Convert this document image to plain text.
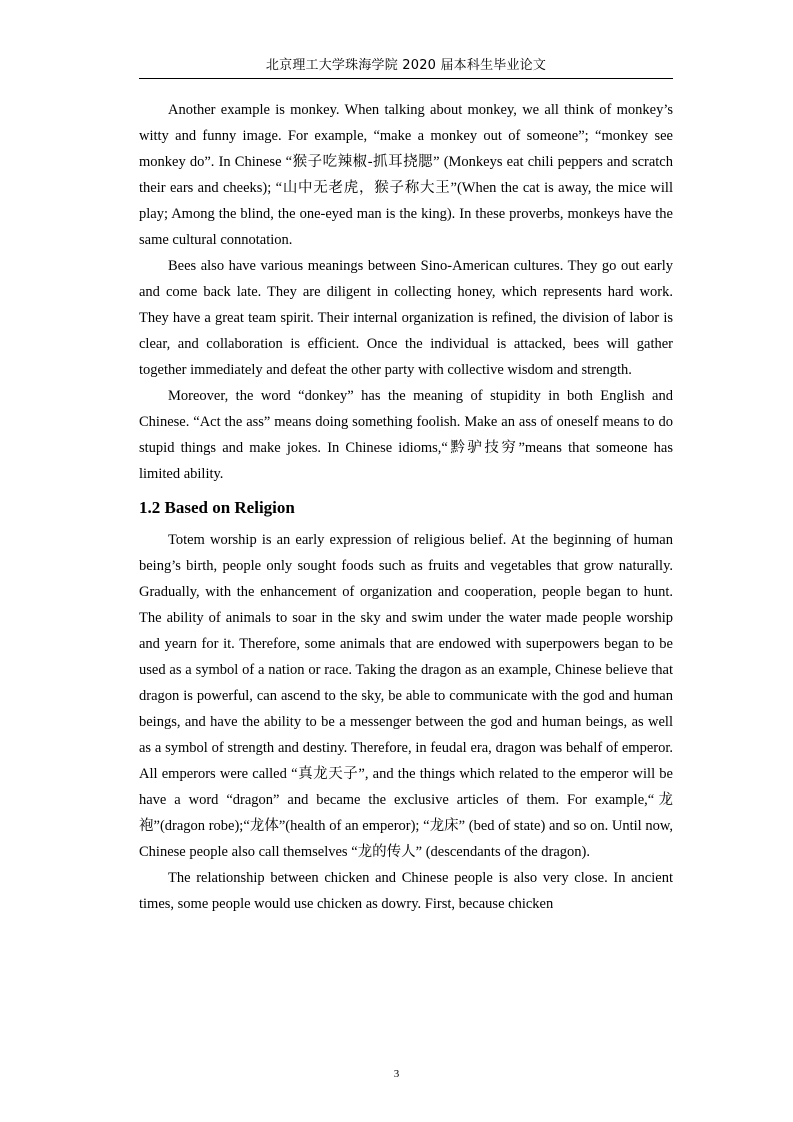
北京理工大学珠海学院 2020 届本科生毕业论文

Another example is monkey. When talking about monkey, we all think of monkey’s witty and funny image. For example, “make a monkey out of someone”; “monkey see monkey do”. In Chinese “猴子吃辣椒-抓耳挠腮” (Monkeys eat chili peppers and scratch their ears and cheeks); “山中无老虎，猴子称大王”(When the cat is away, the mice will play; Among the blind, the one-eyed man is the king). In these proverbs, monkeys have the same cultural connotation.

Bees also have various meanings between Sino-American cultures. They go out early and come back late. They are diligent in collecting honey, which represents hard work. They have a great team spirit. Their internal organization is refined, the division of labor is clear, and collaboration is efficient. Once the individual is attacked, bees will gather together immediately and defeat the other party with collective wisdom and strength.

Moreover, the word “donkey” has the meaning of stupidity in both English and Chinese. “Act the ass” means doing something foolish. Make an ass of oneself means to do stupid things and make jokes. In Chinese idioms,“黔驴技穷”means that someone has limited ability.

1.2 Based on Religion

Totem worship is an early expression of religious belief. At the beginning of human being’s birth, people only sought foods such as fruits and vegetables that grow naturally. Gradually, with the enhancement of organization and cooperation, people began to hunt. The ability of animals to soar in the sky and swim under the water made people worship and yearn for it. Therefore, some animals that are endowed with superpowers began to be used as a symbol of a nation or race. Taking the dragon as an example, Chinese believe that dragon is powerful, can ascend to the sky, be able to communicate with the god and human beings, and have the ability to be a messenger between the god and human beings, as well as a symbol of strength and destiny. Therefore, in feudal era, dragon was behalf of emperor. All emperors were called “真龙天子”, and the things which related to the emperor will be have a word “dragon” and became the exclusive articles of them. For example,“龙袍”(dragon robe);“龙体”(health of an emperor); “龙床” (bed of state) and so on. Until now, Chinese people also call themselves “龙的传人” (descendants of the dragon).

The relationship between chicken and Chinese people is also very close. In ancient times, some people would use chicken as dowry. First, because chicken

3
